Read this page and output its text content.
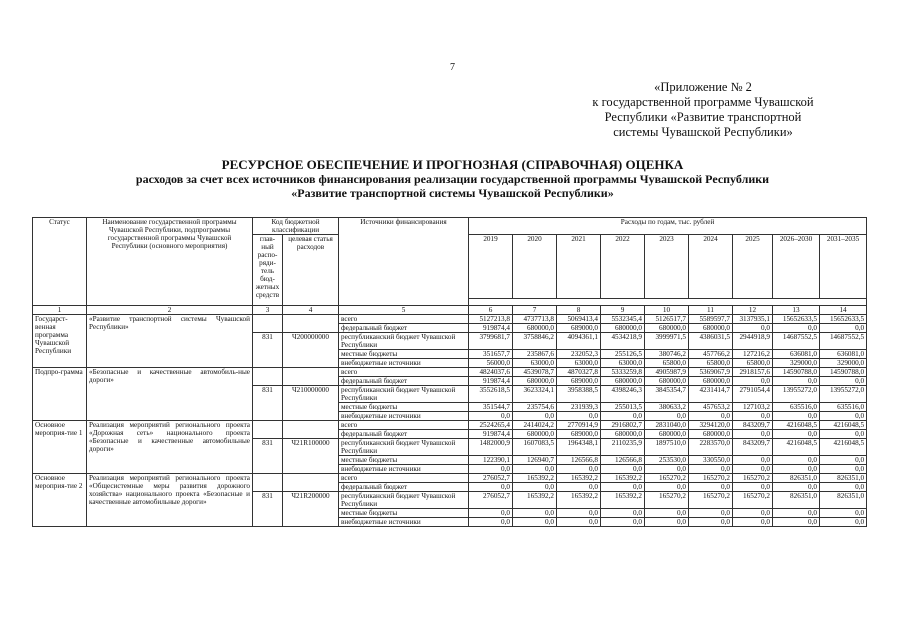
7
«Приложение № 2
к государственной программе Чувашской
Республики «Развитие транспортной
системы Чувашской Республики»
РЕСУРСНОЕ ОБЕСПЕЧЕНИЕ И ПРОГНОЗНАЯ (СПРАВОЧНАЯ) ОЦЕНКА
расходов за счет всех источников финансирования реализации государственной программы Чувашской Республики
«Развитие транспортной системы Чувашской Республики»
Статус	Наименование государственной программы Чувашской Республики, подпрограммы государственной программы Чувашской Республики (основного мероприятия)	Код бюджетной классификации		Источники финансирования	Расходы по годам, тыс. рублей								
		глав-ный распо-ряди-тель бюд-жетных средств	целевая статья расходов		2019	2020	2021	2022	2023	2024	2025	2026–2030	2031–2035

1	2	3	4	5	6	7	8	9	10	11	12	13	14
Государст-венная программа Чувашской Республики	«Развитие транспортной системы Чувашской Республики»			всего	5127213,8	4737713,8	5069413,4	5532345,4	5126517,7	5589597,7	3137935,1	15652633,5	15652633,5
				федеральный бюджет	919874,4	680000,0	689000,0	680000,0	680000,0	680000,0	0,0	0,0	0,0
		831	Ч200000000	республиканский бюджет Чувашской Республики	3799681,7	3758846,2	4094361,1	4534218,9	3999971,5	4386031,5	2944918,9	14687552,5	14687552,5
				местные бюджеты	351657,7	235867,6	232052,3	255126,5	380746,2	457766,2	127216,2	636081,0	636081,0
				внебюджетные источники	56000,0	63000,0	63000,0	63000,0	65800,0	65800,0	65800,0	329000,0	329000,0
Подпро-грамма	«Безопасные и качественные автомобиль-ные дороги»			всего	4824037,6	4539078,7	4870327,8	5333259,8	4905987,9	5369067,9	2918157,6	14590788,0	14590788,0
				федеральный бюджет	919874,4	680000,0	689000,0	680000,0	680000,0	680000,0	0,0	0,0	0,0
		831	Ч210000000	республиканский бюджет Чувашской Республики	3552618,5	3623324,1	3958388,5	4398246,3	3845354,7	4231414,7	2791054,4	13955272,0	13955272,0
				местные бюджеты	351544,7	235754,6	231939,3	255013,5	380633,2	457653,2	127103,2	635516,0	635516,0
				внебюджетные источники	0,0	0,0	0,0	0,0	0,0	0,0	0,0	0,0	0,0
Основное мероприя-тие 1	Реализация мероприятий регионального проекта «Дорожная сеть» национального проекта «Безопасные и качественные автомобильные дороги»			всего	2524265,4	2414024,2	2770914,9	2916802,7	2831040,0	3294120,0	843209,7	4216048,5	4216048,5
				федеральный бюджет	919874,4	680000,0	689000,0	680000,0	680000,0	680000,0	0,0	0,0	0,0
		831	Ч21R100000	республиканский бюджет Чувашской Республики	1482000,9	1607083,5	1964348,1	2110235,9	1897510,0	2283570,0	843209,7	4216048,5	4216048,5
				местные бюджеты	122390,1	126940,7	126566,8	126566,8	253530,0	330550,0	0,0	0,0	0,0
				внебюджетные источники	0,0	0,0	0,0	0,0	0,0	0,0	0,0	0,0	0,0
Основное мероприя-тие 2	Реализация мероприятий регионального проекта «Общесистемные меры развития дорожного хозяйства» национального проекта «Безопасные и качественные автомобильные дороги»			всего	276052,7	165392,2	165392,2	165392,2	165270,2	165270,2	165270,2	826351,0	826351,0
				федеральный бюджет	0,0	0,0	0,0	0,0	0,0	0,0	0,0	0,0	0,0
		831	Ч21R200000	республиканский бюджет Чувашской Республики	276052,7	165392,2	165392,2	165392,2	165270,2	165270,2	165270,2	826351,0	826351,0
				местные бюджеты	0,0	0,0	0,0	0,0	0,0	0,0	0,0	0,0	0,0
				внебюджетные источники	0,0	0,0	0,0	0,0	0,0	0,0	0,0	0,0	0,0
